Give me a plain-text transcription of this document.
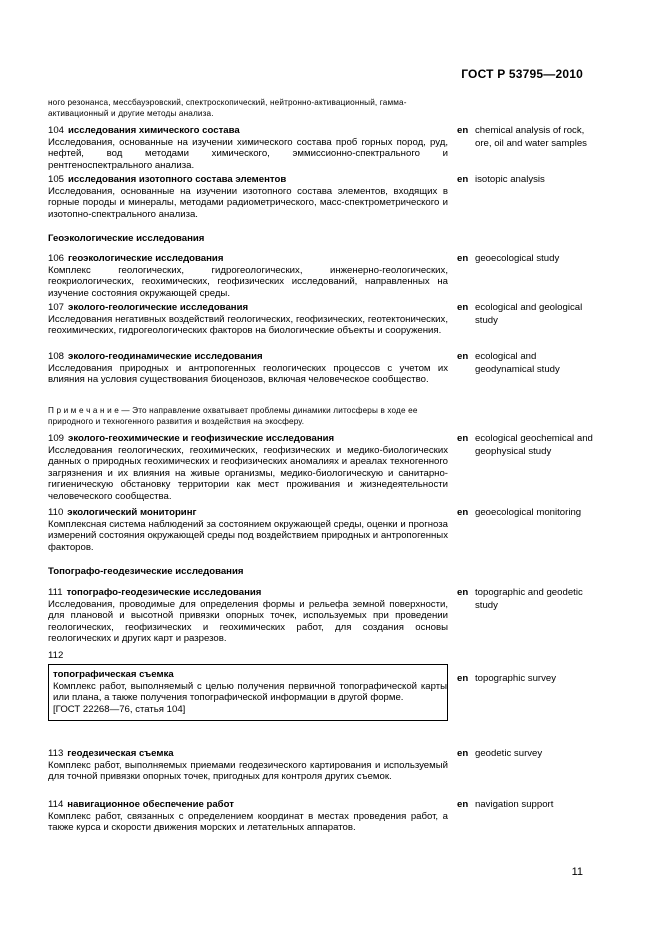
ГОСТ Р 53795—2010
ного резонанса, мессбауэровский, спектроскопический, нейтронно-активационный, гамма-активационный и другие методы анализа.
104 исследования химического состава
Исследования, основанные на изучении химического состава проб горных пород, руд, нефтей, вод методами химического, эммиссионно-спектрального и рентгеноспектрального анализа.
en chemical analysis of rock, ore, oil and water samples
105 исследования изотопного состава элементов
Исследования, основанные на изучении изотопного состава элементов, входящих в горные породы и минералы, методами радиометрического, масс-спектрометрического и изотопно-спектрального анализа.
en isotopic analysis
Геоэкологические исследования
106 геоэкологические исследования
Комплекс геологических, гидрогеологических, инженерно-геологических, геокриологических, геохимических, геофизических исследований, направленных на изучение состояния окружающей среды.
en geoecological study
107 эколого-геологические исследования
Исследования негативных воздействий геологических, геофизических, геотектонических, геохимических, гидрогеологических факторов на биологические объекты и сооружения.
en ecological and geological study
108 эколого-геодинамические исследования
Исследования природных и антропогенных геологических процессов с учетом их влияния на условия существования биоценозов, включая человеческое сообщество.
en ecological and geodynamical study
П р и м е ч а н и е — Это направление охватывает проблемы динамики литосферы в ходе ее природного и техногенного развития и воздействия на экосферу.
109 эколого-геохимические и геофизические исследования
Исследования геологических, геохимических, геофизических и медико-биологических данных о природных геохимических и геофизических аномалиях и ареалах техногенного загрязнения и их влияния на живые организмы, медико-биологическую и санитарно-гигиеническую обстановку территории как мест проживания и жизнедеятельности человеческого сообщества.
en ecological geochemical and geophysical study
110 экологический мониторинг
Комплексная система наблюдений за состоянием окружающей среды, оценки и прогноза измерений состояния окружающей среды под воздействием природных и антропогенных факторов.
en geoecological monitoring
Топографо-геодезические исследования
111 топографо-геодезические исследования
Исследования, проводимые для определения формы и рельефа земной поверхности, для плановой и высотной привязки опорных точек, используемых при проведении геологических, геофизических и геохимических работ, для создания основы геологических и других карт и разрезов.
en topographic and geodetic study
112
топографическая съемка
Комплекс работ, выполняемый с целью получения первичной топографической карты или плана, а также получения топографической информации в другой форме.
[ГОСТ 22268—76, статья 104]
en topographic survey
113 геодезическая съемка
Комплекс работ, выполняемых приемами геодезического картирования и используемый для точной привязки опорных точек, пригодных для контроля других съемок.
en geodetic survey
114 навигационное обеспечение работ
Комплекс работ, связанных с определением координат в местах проведения работ, а также курса и скорости движения морских и летательных аппаратов.
en navigation support
11
